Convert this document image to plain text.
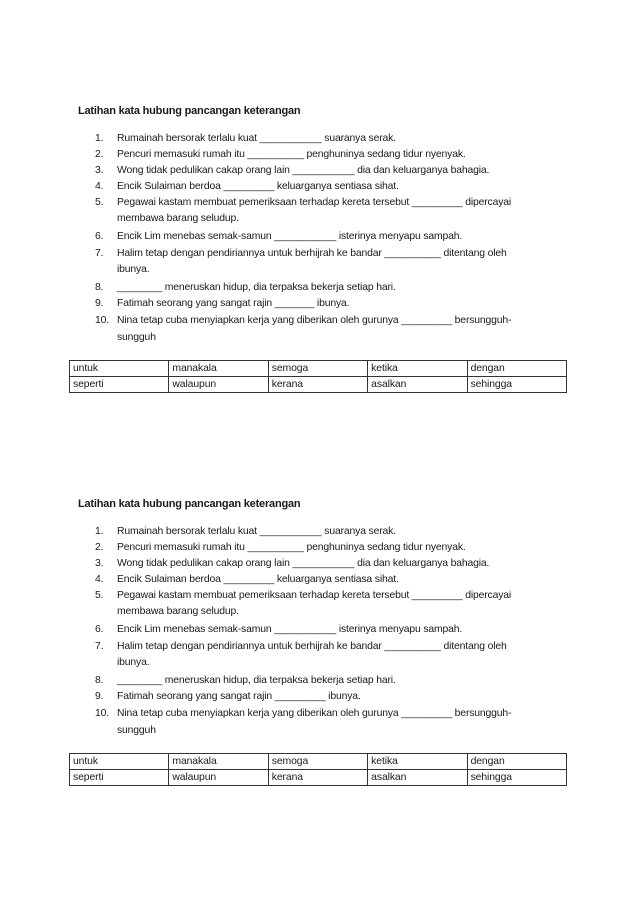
Latihan kata hubung pancangan keterangan
1.	Rumainah bersorak terlalu kuat ___________ suaranya serak.
2.	Pencuri memasuki rumah itu __________ penghuninya sedang tidur nyenyak.
3.	Wong tidak pedulikan cakap orang lain ___________ dia dan keluarganya bahagia.
4.	Encik Sulaiman berdoa _________ keluarganya sentiasa sihat.
5.	Pegawai kastam membuat pemeriksaan terhadap kereta tersebut _________ dipercayai
membawa barang seludup.
6.	Encik Lim menebas semak-samun ___________ isterinya menyapu sampah.
7.	Halim tetap dengan pendiriannya untuk berhijrah ke bandar __________ ditentang oleh
ibunya.
8.	________ meneruskan hidup, dia terpaksa bekerja setiap hari.
9.	Fatimah seorang yang sangat rajin _______ ibunya.
10. Nina tetap cuba menyiapkan kerja yang diberikan oleh gurunya _________ bersungguh-
sungguh
untuk	manakala	semoga	ketika	dengan
seperti	walaupun	kerana	asalkan	sehingga
Latihan kata hubung pancangan keterangan
1.	Rumainah bersorak terlalu kuat ___________ suaranya serak.
2.	Pencuri memasuki rumah itu __________ penghuninya sedang tidur nyenyak.
3.	Wong tidak pedulikan cakap orang lain ___________ dia dan keluarganya bahagia.
4.	Encik Sulaiman berdoa _________ keluarganya sentiasa sihat.
5.	Pegawai kastam membuat pemeriksaan terhadap kereta tersebut _________ dipercayai
membawa barang seludup.
6.	Encik Lim menebas semak-samun ___________ isterinya menyapu sampah.
7.	Halim tetap dengan pendiriannya untuk berhijrah ke bandar __________ ditentang oleh
ibunya.
8.	________ meneruskan hidup, dia terpaksa bekerja setiap hari.
9.	Fatimah seorang yang sangat rajin _________ ibunya.
10. Nina tetap cuba menyiapkan kerja yang diberikan oleh gurunya _________ bersungguh-
sungguh
untuk	manakala	semoga	ketika	dengan
seperti	walaupun	kerana	asalkan	sehingga
